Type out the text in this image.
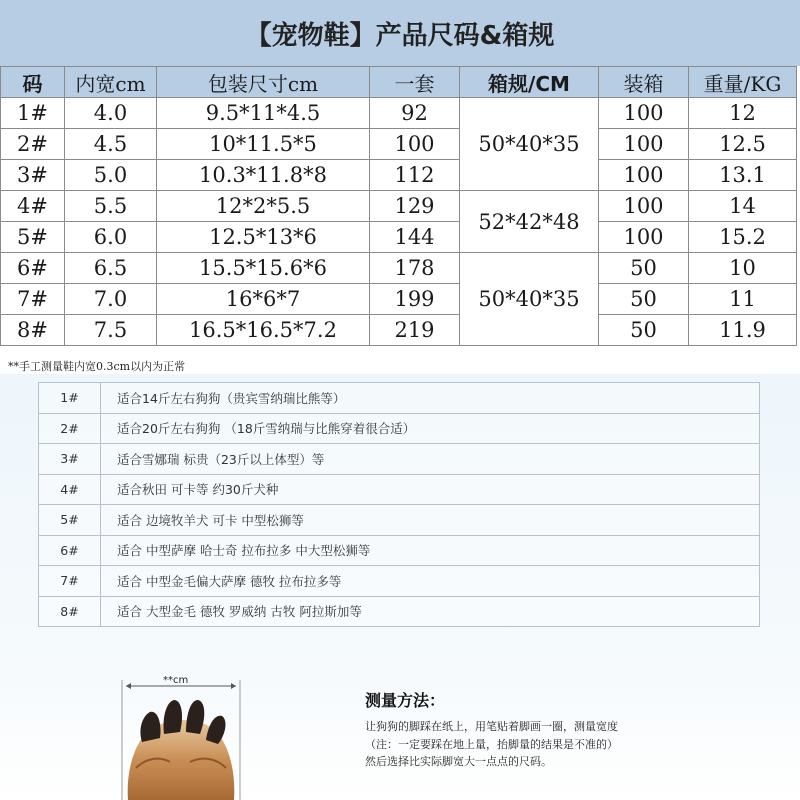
【宠物鞋】产品尺码&箱规
码	内宽cm	包装尺寸cm	一套	箱规/CM	装箱	重量/KG
1#	4.0	9.5*11*4.5	92	50*40*35	100	12
2#	4.5	10*11.5*5	100		100	12.5
3#	5.0	10.3*11.8*8	112		100	13.1
4#	5.5	12*2*5.5	129	52*42*48	100	14
5#	6.0	12.5*13*6	144		100	15.2
6#	6.5	15.5*15.6*6	178	50*40*35	50	10
7#	7.0	16*6*7	199		50	11
8#	7.5	16.5*16.5*7.2	219		50	11.9
**手工测量鞋内宽0.3cm以内为正常
1#	适合14斤左右狗狗（贵宾雪纳瑞比熊等）
2#	适合20斤左右狗狗 （18斤雪纳瑞与比熊穿着很合适）
3#	适合雪娜瑞 标贵（23斤以上体型）等
4#	适合秋田 可卡等 约30斤犬种
5#	适合 边境牧羊犬 可卡 中型松狮等
6#	适合 中型萨摩 哈士奇 拉布拉多 中大型松狮等
7#	适合 中型金毛偏大萨摩 德牧 拉布拉多等
8#	适合 大型金毛 德牧 罗威纳 古牧 阿拉斯加等
**cm
测量方法：
让狗狗的脚踩在纸上，用笔贴着脚画一圈，测量宽度
（注：一定要踩在地上量，抬脚量的结果是不准的）
然后选择比实际脚宽大一点点的尺码。
